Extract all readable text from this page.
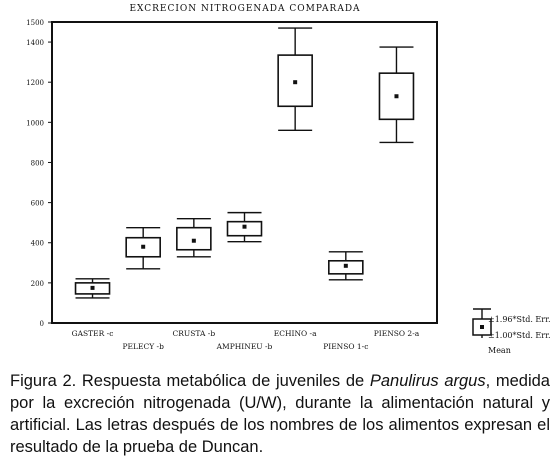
EXCRECION NITROGENADA COMPARADA
0
200
400
600
800
1000
1200
1400
1500
GASTER -c
PELECY -b
CRUSTA -b
AMPHINEU -b
ECHINO -a
PIENSO 1-c
PIENSO 2-a
±1.96*Std. Err.
±1.00*Std. Err.
Mean
Figura 2. Respuesta metabólica de juveniles de Panulirus argus, medida por la excreción nitrogenada (U/W), durante la alimentación natural y artificial. Las letras después de los nombres de los alimentos expresan el resultado de la prueba de Duncan.
